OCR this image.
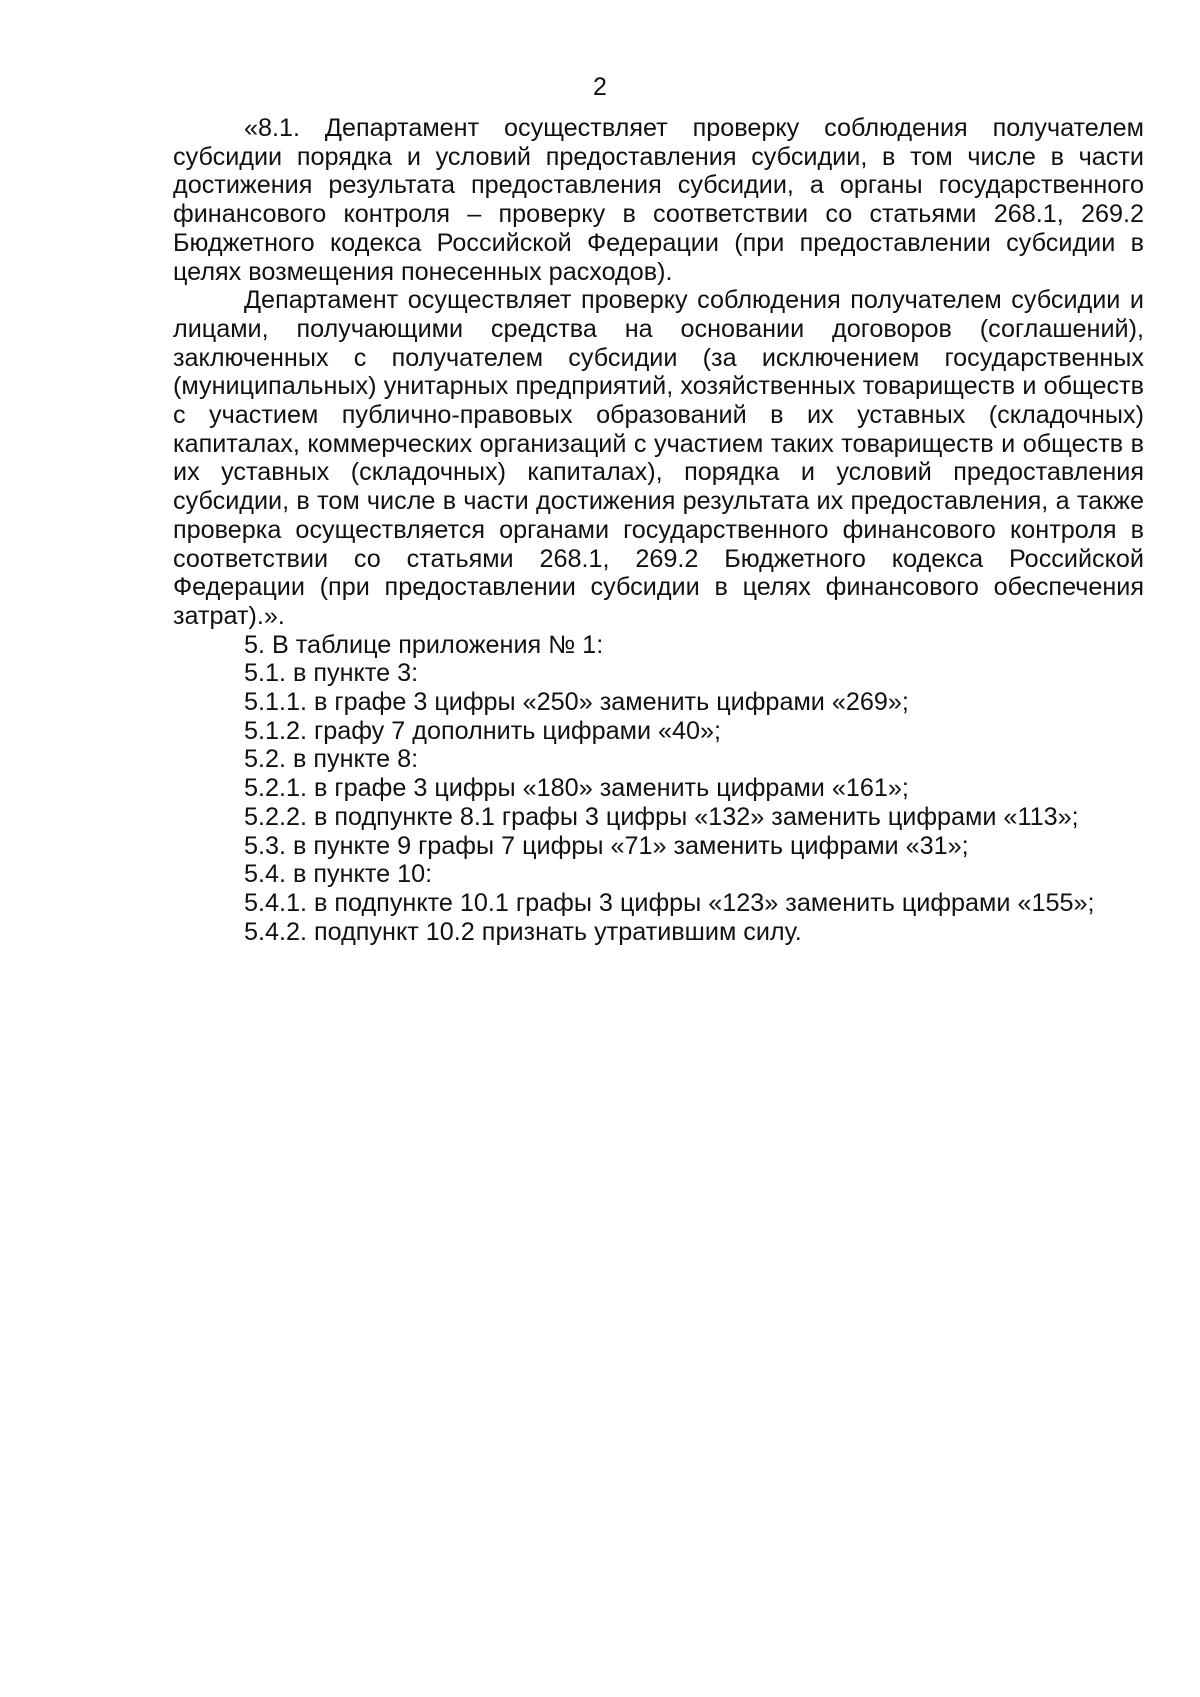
2

«8.1. Департамент осуществляет проверку соблюдения получателем субсидии порядка и условий предоставления субсидии, в том числе в части достижения результата предоставления субсидии, а органы государственного финансового контроля – проверку в соответствии со статьями 268.1, 269.2 Бюджетного кодекса Российской Федерации (при предоставлении субсидии в целях возмещения понесенных расходов).

Департамент осуществляет проверку соблюдения получателем субсидии и лицами, получающими средства на основании договоров (соглашений), заключенных с получателем субсидии (за исключением государственных (муниципальных) унитарных предприятий, хозяйственных товариществ и обществ с участием публично-правовых образований в их уставных (складочных) капиталах, коммерческих организаций с участием таких товариществ и обществ в их уставных (складочных) капиталах), порядка и условий предоставления субсидии, в том числе в части достижения результата их предоставления, а также проверка осуществляется органами государственного финансового контроля в соответствии со статьями 268.1, 269.2 Бюджетного кодекса Российской Федерации (при предоставлении субсидии в целях финансового обеспечения затрат).».

5. В таблице приложения № 1:

5.1. в пункте 3:

5.1.1. в графе 3 цифры «250» заменить цифрами «269»;

5.1.2. графу 7 дополнить цифрами «40»;

5.2. в пункте 8:

5.2.1. в графе 3 цифры «180» заменить цифрами «161»;

5.2.2. в подпункте 8.1 графы 3 цифры «132» заменить цифрами «113»;

5.3. в пункте 9 графы 7 цифры «71» заменить цифрами «31»;

5.4. в пункте 10:

5.4.1. в подпункте 10.1 графы 3 цифры «123» заменить цифрами «155»;

5.4.2. подпункт 10.2 признать утратившим силу.
